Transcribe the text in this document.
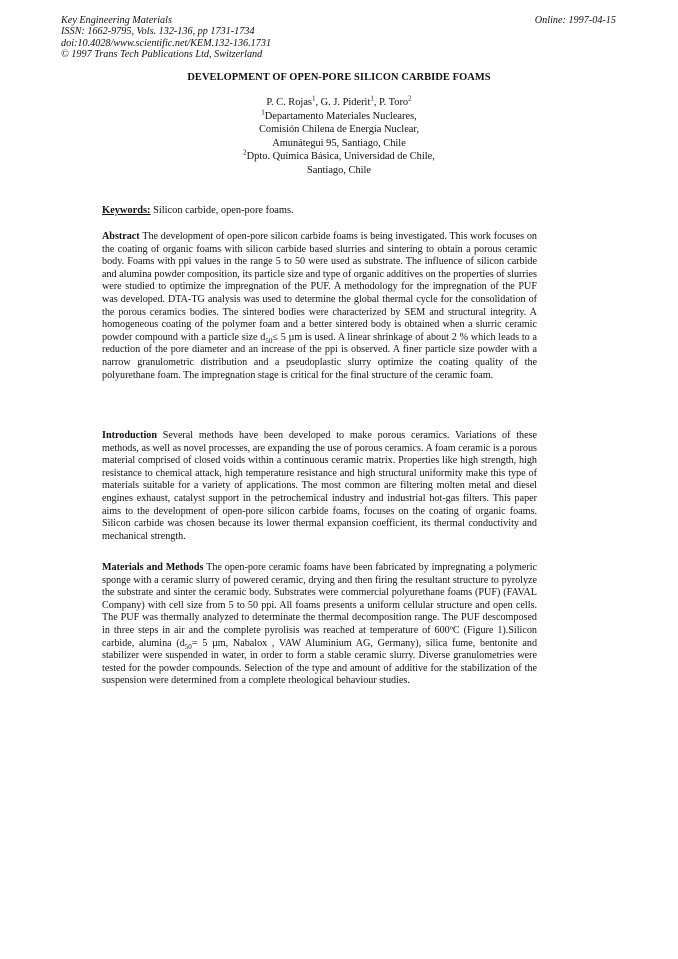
Key Engineering Materials
ISSN: 1662-9795, Vols. 132-136, pp 1731-1734
doi:10.4028/www.scientific.net/KEM.132-136.1731
© 1997 Trans Tech Publications Ltd, Switzerland
Online: 1997-04-15
DEVELOPMENT OF OPEN-PORE SILICON CARBIDE FOAMS
P. C. Rojas$^1$, G. J. Piderit$^1$, P. Toro$^2$
$^1$Departamento Materiales Nucleares,
Comisión Chilena de Energía Nuclear,
Amunátegui 95, Santiago, Chile
$^2$Dpto. Química Básica, Universidad de Chile,
Santiago, Chile
Keywords: Silicon carbide, open-pore foams.

Abstract The development of open-pore silicon carbide foams is being investigated. This work focuses on the coating of organic foams with silicon carbide based slurries and sintering to obtain a porous ceramic body. Foams with ppi values in the range 5 to 50 were used as substrate. The influence of silicon carbide and alumina powder composition, its particle size and type of organic additives on the properties of slurries were studied to optimize the impregnation of the PUF. A methodology for the impregnation of the PUF was developed. DTA-TG analysis was used to determine the global thermal cycle for the consolidation of the porous ceramics bodies. The sintered bodies were characterized by SEM and structural integrity. A homogeneous coating of the polymer foam and a better sintered body is obtained when a slurric ceramic powder compound with a particle size $d_{50}\le 5$ µm is used. A linear shrinkage of about 2 % which leads to a reduction of the pore diameter and an increase of the ppi is observed. A finer particle size powder with a narrow granulometric distribution and a pseudoplastic slurry optimize the coating quality of the polyurethane foam. The impregnation stage is critical for the final structure of the ceramic foam.

Introduction Several methods have been developed to make porous ceramics. Variations of these methods, as well as novel processes, are expanding the use of porous ceramics. A foam ceramic is a porous material comprised of closed voids within a continuous ceramic matrix. Properties like high strength, high resistance to chemical attack, high temperature resistance and high structural uniformity make this type of materials suitable for a variety of applications. The most common are filtering molten metal and diesel engines exhaust, catalyst support in the petrochemical industry and industrial hot-gas filters. This paper aims to the development of open-pore silicon carbide foams, focuses on the coating of organic foams. Silicon carbide was chosen because its lower thermal expansion coefficient, its thermal conductivity and mechanical strength.

Materials and Methods The open-pore ceramic foams have been fabricated by impregnating a polymeric sponge with a ceramic slurry of powered ceramic, drying and then firing the resultant structure to pyrolyze the substrate and sinter the ceramic body. Substrates were commercial polyurethane foams (PUF) (FAVAL Company) with cell size from 5 to 50 ppi. All foams presents a uniform cellular structure and open cells. The PUF was thermally analyzed to determinate the thermal decomposition range. The PUF descomposed in three steps in air and the complete pyrolisis was reached at temperature of 600ºC (Figure 1).Silicon carbide, alumina ($d_{50}= 5$ µm, Nabalox , VAW Aluminium AG, Germany), silica fume, bentonite and stabilizer were suspended in water, in order to form a stable ceramic slurry. Diverse granulometries were tested for the powder compounds. Selection of the type and amount of additive for the stabilization of the suspension were determined from a complete rheological behaviour studies.
